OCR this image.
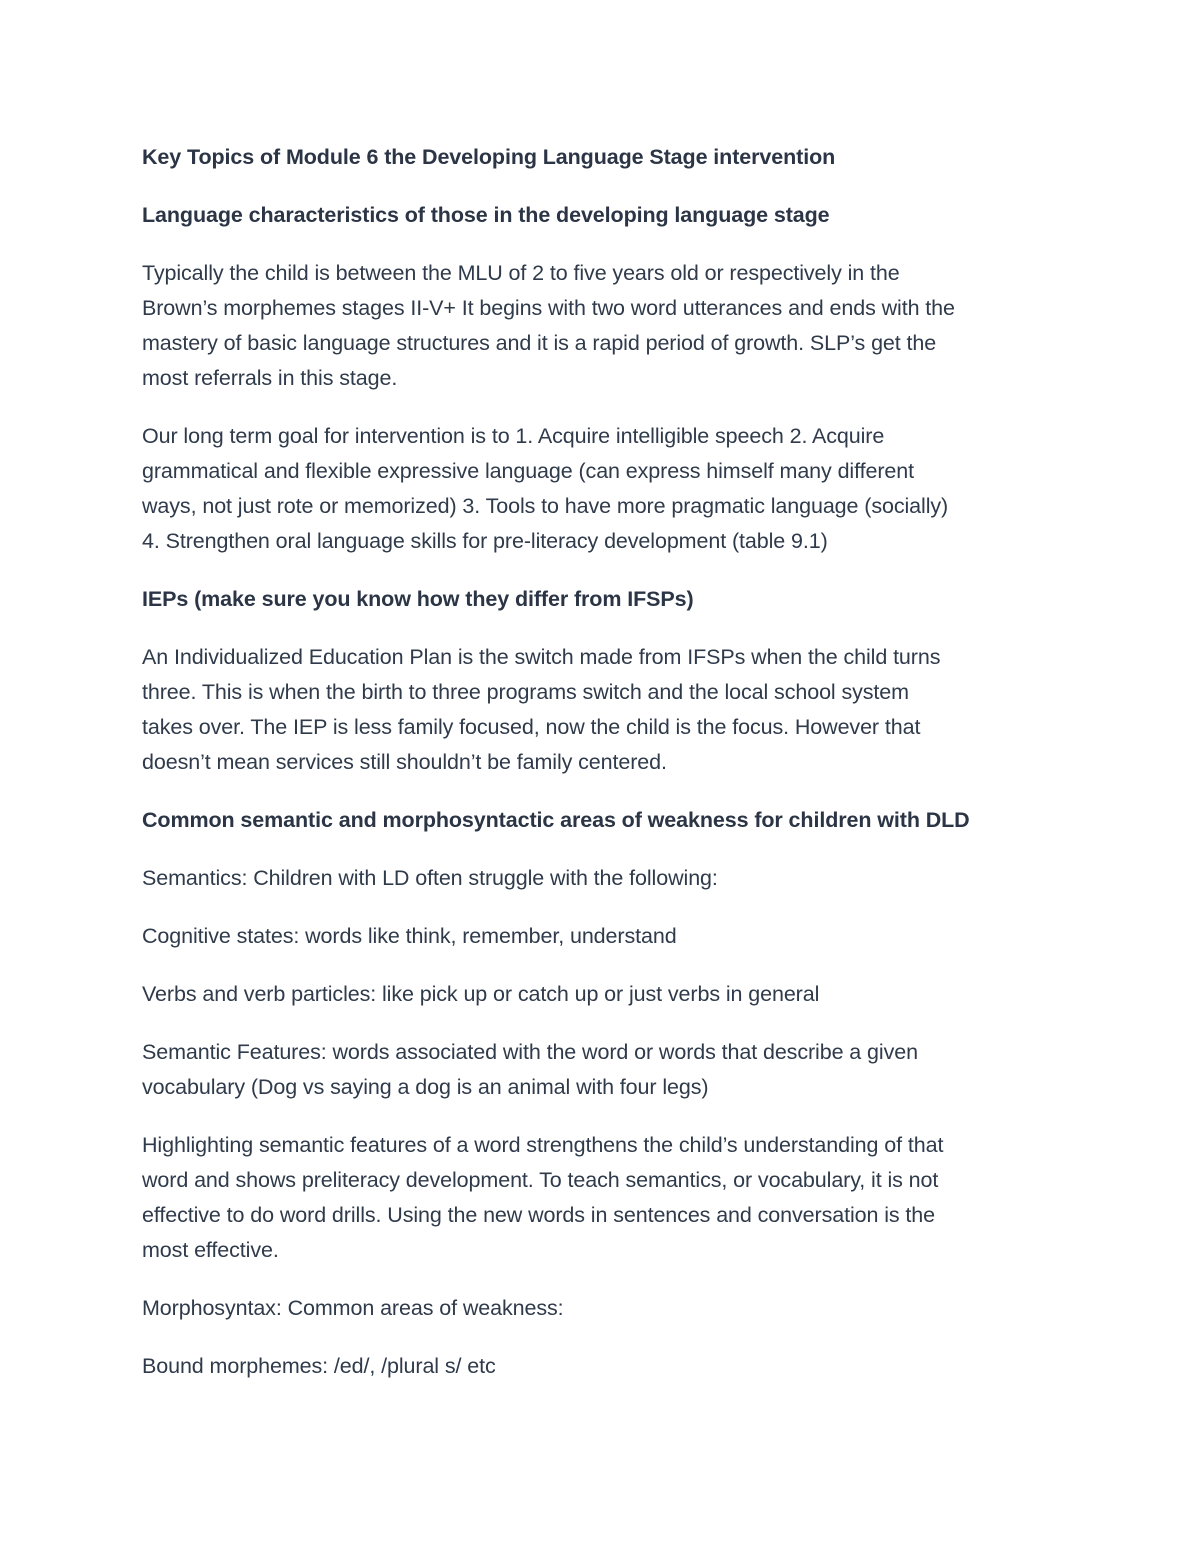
Key Topics of Module 6 the Developing Language Stage intervention
Language characteristics of those in the developing language stage
Typically the child is between the MLU of 2 to five years old or respectively in the
Brown’s morphemes stages II-V+ It begins with two word utterances and ends with the
mastery of basic language structures and it is a rapid period of growth. SLP’s get the
most referrals in this stage.
Our long term goal for intervention is to 1. Acquire intelligible speech 2. Acquire
grammatical and flexible expressive language (can express himself many different
ways, not just rote or memorized) 3. Tools to have more pragmatic language (socially)
4. Strengthen oral language skills for pre-literacy development (table 9.1)
IEPs (make sure you know how they differ from IFSPs)
An Individualized Education Plan is the switch made from IFSPs when the child turns
three. This is when the birth to three programs switch and the local school system
takes over. The IEP is less family focused, now the child is the focus. However that
doesn’t mean services still shouldn’t be family centered.
Common semantic and morphosyntactic areas of weakness for children with DLD
Semantics: Children with LD often struggle with the following:
Cognitive states: words like think, remember, understand
Verbs and verb particles: like pick up or catch up or just verbs in general
Semantic Features: words associated with the word or words that describe a given
vocabulary (Dog vs saying a dog is an animal with four legs)
Highlighting semantic features of a word strengthens the child’s understanding of that
word and shows preliteracy development. To teach semantics, or vocabulary, it is not
effective to do word drills. Using the new words in sentences and conversation is the
most effective.
Morphosyntax: Common areas of weakness:
Bound morphemes: /ed/, /plural s/ etc
